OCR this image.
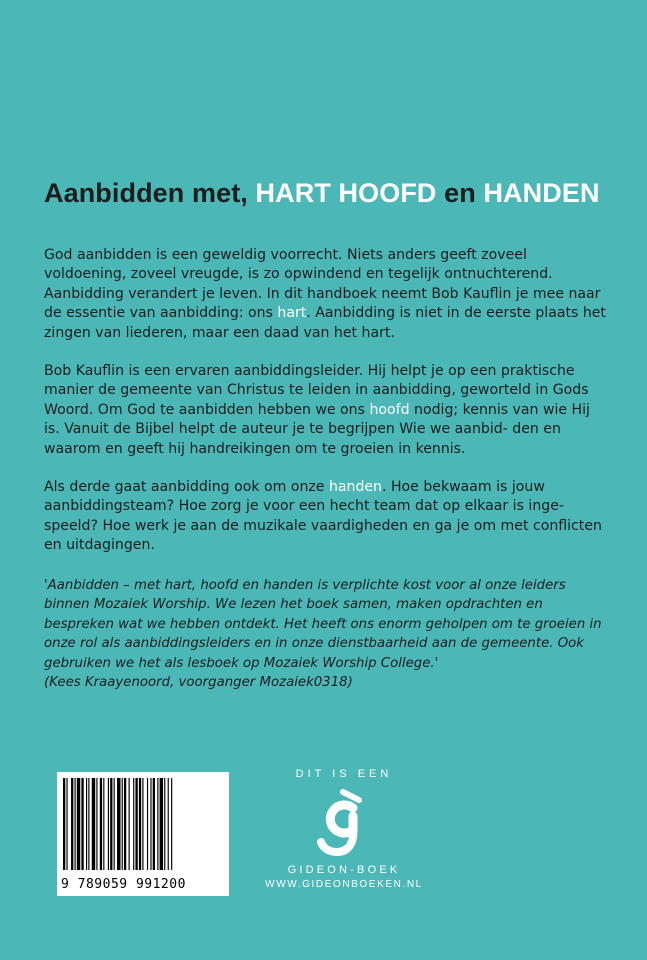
Aanbidden met, HART HOOFD en HANDEN

God aanbidden is een geweldig voorrecht. Niets anders geeft zoveel voldoening, zoveel vreugde, is zo opwindend en tegelijk ontnuchterend. Aanbidding verandert je leven. In dit handboek neemt Bob Kauflin je mee naar de essentie van aanbidding: ons hart. Aanbidding is niet in de eerste plaats het zingen van liederen, maar een daad van het hart.

Bob Kauflin is een ervaren aanbiddingsleider. Hij helpt je op een praktische manier de gemeente van Christus te leiden in aanbidding, geworteld in Gods Woord. Om God te aanbidden hebben we ons hoofd nodig; kennis van wie Hij is. Vanuit de Bijbel helpt de auteur je te begrijpen Wie we aanbid- den en waarom en geeft hij handreikingen om te groeien in kennis.

Als derde gaat aanbidding ook om onze handen. Hoe bekwaam is jouw aanbiddingsteam? Hoe zorg je voor een hecht team dat op elkaar is inge- speeld? Hoe werk je aan de muzikale vaardigheden en ga je om met conflicten en uitdagingen.

'Aanbidden – met hart, hoofd en handen is verplichte kost voor al onze leiders binnen Mozaiek Worship. We lezen het boek samen, maken opdrachten en bespreken wat we hebben ontdekt. Het heeft ons enorm geholpen om te groeien in onze rol als aanbiddingsleiders en in onze dienstbaarheid aan de gemeente. Ook gebruiken we het als lesboek op Mozaiek Worship College.'
(Kees Kraayenoord, voorganger Mozaiek0318)

9 789059 991200
DIT IS EEN
GIDEON-BOEK
WWW.GIDEONBOEKEN.NL
